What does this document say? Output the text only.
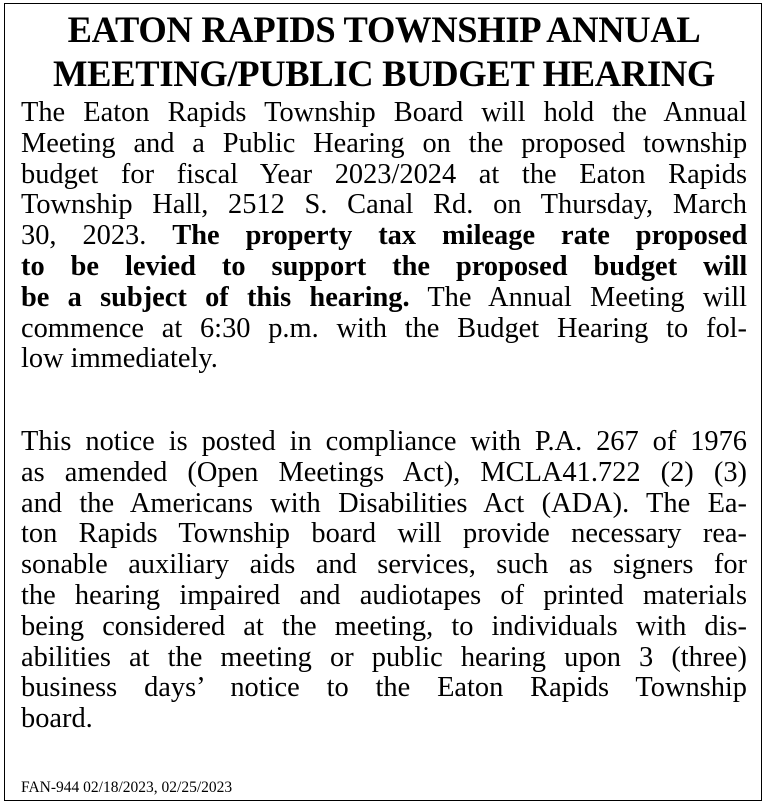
EATON RAPIDS TOWNSHIP ANNUAL
MEETING/PUBLIC BUDGET HEARING
The Eaton Rapids Township Board will hold the Annual
Meeting and a Public Hearing on the proposed township
budget for fiscal Year 2023/2024 at the Eaton Rapids
Township Hall, 2512 S. Canal Rd. on Thursday, March
30, 2023. The property tax mileage rate proposed
to be levied to support the proposed budget will
be a subject of this hearing. The Annual Meeting will
commence at 6:30 p.m. with the Budget Hearing to fol-
low immediately.
This notice is posted in compliance with P.A. 267 of 1976
as amended (Open Meetings Act), MCLA41.722 (2) (3)
and the Americans with Disabilities Act (ADA). The Ea-
ton Rapids Township board will provide necessary rea-
sonable auxiliary aids and services, such as signers for
the hearing impaired and audiotapes of printed materials
being considered at the meeting, to individuals with dis-
abilities at the meeting or public hearing upon 3 (three)
business days’ notice to the Eaton Rapids Township
board.
FAN-944 02/18/2023, 02/25/2023
